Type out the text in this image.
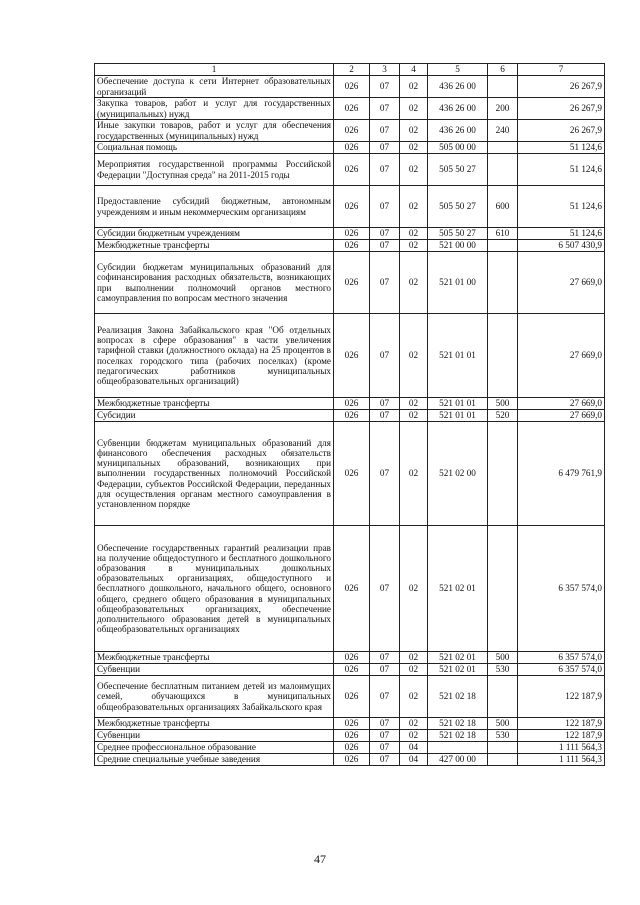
1	2	3	4	5	6	7
Обеспечение доступа к сети Интернет образовательных организаций	026	07	02	436 26 00		26 267,9
Закупка товаров, работ и услуг для государственных (муниципальных) нужд	026	07	02	436 26 00	200	26 267,9
Иные закупки товаров, работ и услуг для обеспечения государственных (муниципальных) нужд	026	07	02	436 26 00	240	26 267,9
Социальная помощь	026	07	02	505 00 00		51 124,6
Мероприятия государственной программы Российской Федерации "Доступная среда" на 2011-2015 годы	026	07	02	505 50 27		51 124,6
Предоставление субсидий бюджетным, автономным учреждениям и иным некоммерческим организациям	026	07	02	505 50 27	600	51 124,6
Субсидии бюджетным учреждениям	026	07	02	505 50 27	610	51 124,6
Межбюджетные трансферты	026	07	02	521 00 00		6 507 430,9
Субсидии бюджетам муниципальных образований для софинансирования расходных обязательств, возникающих при выполнении полномочий органов местного самоуправления по вопросам местного значения	026	07	02	521 01 00		27 669,0
Реализация Закона Забайкальского края "Об отдельных вопросах в сфере образования" в части увеличения тарифной ставки (должностного оклада) на 25 процентов в поселках городского типа (рабочих поселках) (кроме педагогических работников муниципальных общеобразовательных организаций)	026	07	02	521 01 01		27 669,0
Межбюджетные трансферты	026	07	02	521 01 01	500	27 669,0
Субсидии	026	07	02	521 01 01	520	27 669,0
Субвенции бюджетам муниципальных образований для финансового обеспечения расходных обязательств муниципальных образований, возникающих при выполнении государственных полномочий Российской Федерации, субъектов Российской Федерации, переданных для осуществления органам местного самоуправления в установленном порядке	026	07	02	521 02 00		6 479 761,9
Обеспечение государственных гарантий реализации прав на получение общедоступного и бесплатного дошкольного образования в муниципальных дошкольных образовательных организациях, общедоступного и бесплатного дошкольного, начального общего, основного общего, среднего общего образования в муниципальных общеобразовательных организациях, обеспечение дополнительного образования детей в муниципальных общеобразовательных организациях	026	07	02	521 02 01		6 357 574,0
Межбюджетные трансферты	026	07	02	521 02 01	500	6 357 574,0
Субвенции	026	07	02	521 02 01	530	6 357 574,0
Обеспечение бесплатным питанием детей из малоимущих семей, обучающихся в муниципальных общеобразовательных организациях Забайкальского края	026	07	02	521 02 18		122 187,9
Межбюджетные трансферты	026	07	02	521 02 18	500	122 187,9
Субвенции	026	07	02	521 02 18	530	122 187,9
Среднее профессиональное образование	026	07	04			1 111 564,3
Средние специальные учебные заведения	026	07	04	427 00 00		1 111 564,3
47
